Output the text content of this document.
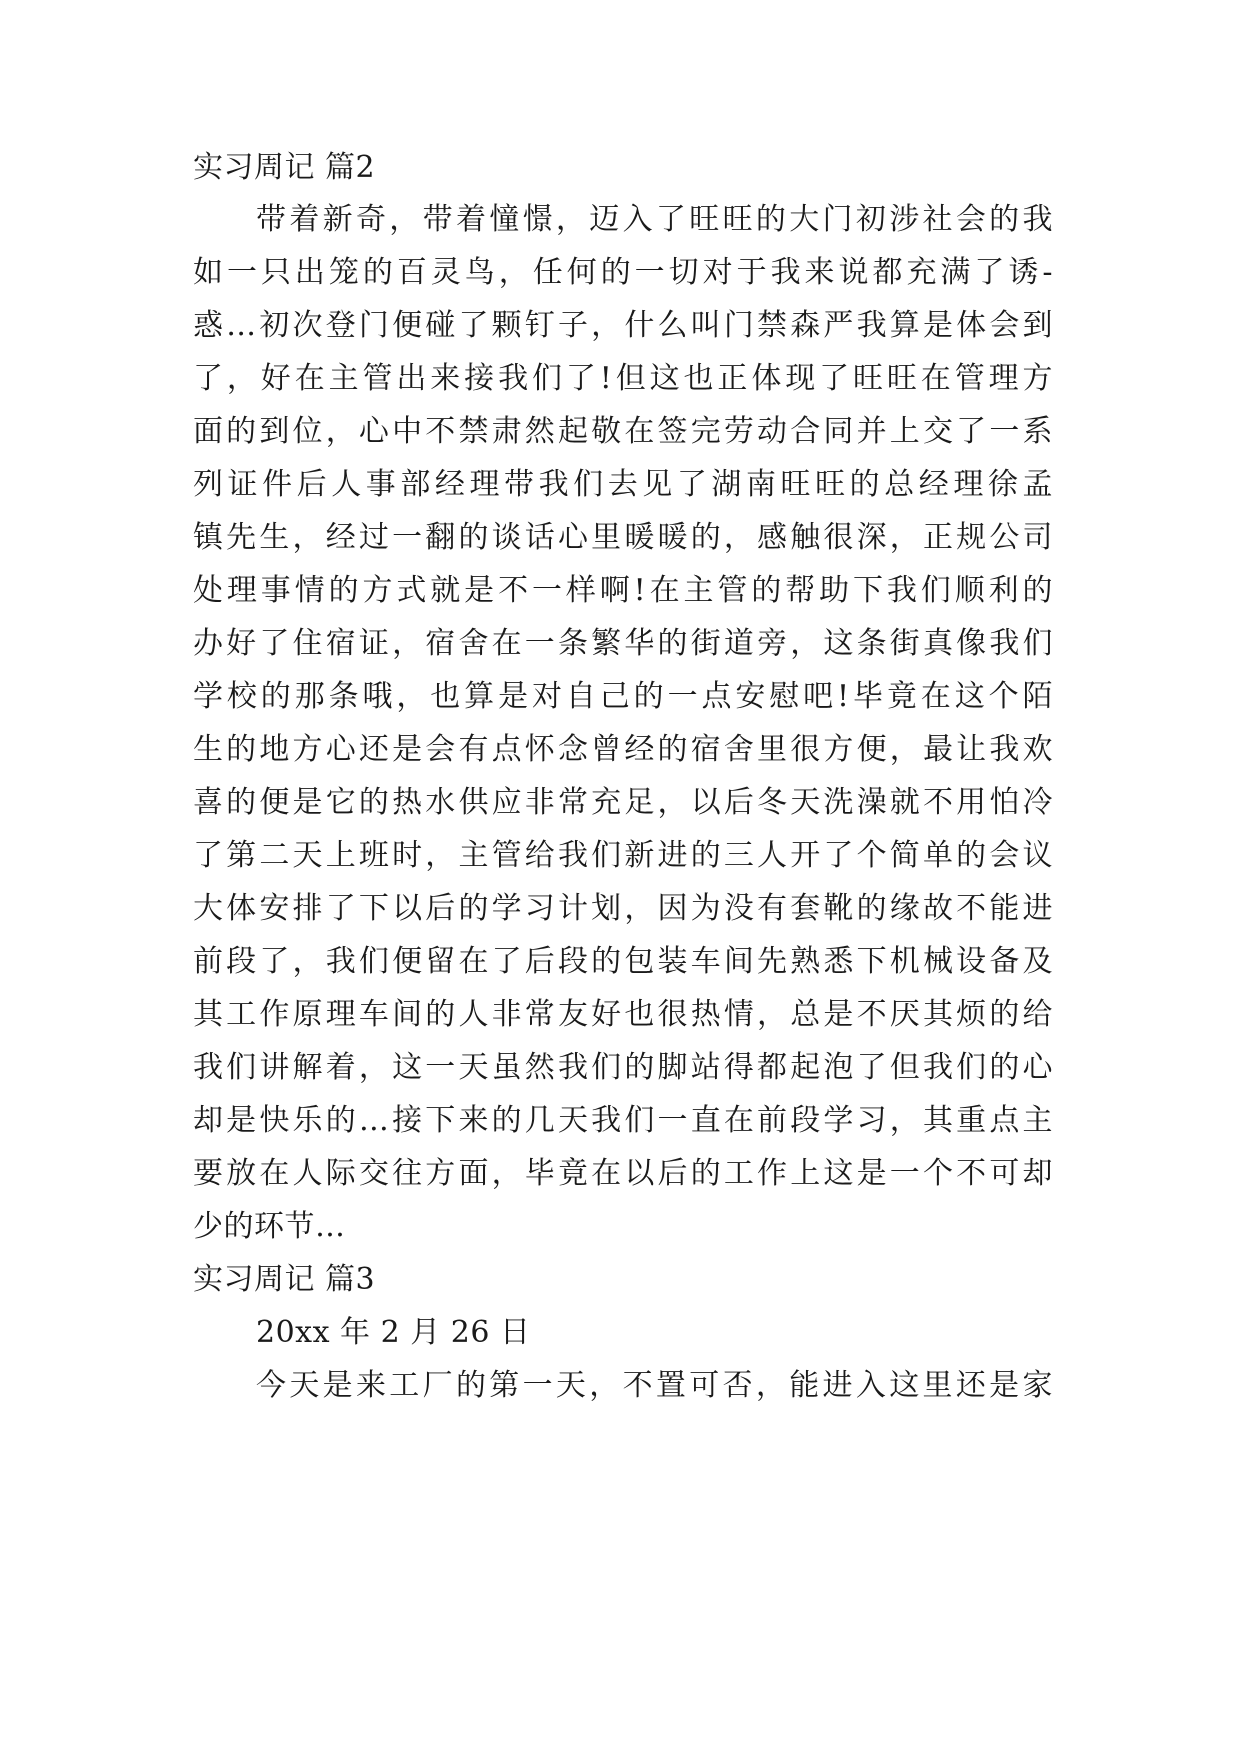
实习周记 篇2
带着新奇，带着憧憬，迈入了旺旺的大门初涉社会的我
如一只出笼的百灵鸟，任何的一切对于我来说都充满了诱-
惑…初次登门便碰了颗钉子，什么叫门禁森严我算是体会到
了，好在主管出来接我们了!但这也正体现了旺旺在管理方
面的到位，心中不禁肃然起敬在签完劳动合同并上交了一系
列证件后人事部经理带我们去见了湖南旺旺的总经理徐孟
镇先生，经过一翻的谈话心里暖暖的，感触很深，正规公司
处理事情的方式就是不一样啊!在主管的帮助下我们顺利的
办好了住宿证，宿舍在一条繁华的街道旁，这条街真像我们
学校的那条哦，也算是对自己的一点安慰吧!毕竟在这个陌
生的地方心还是会有点怀念曾经的宿舍里很方便，最让我欢
喜的便是它的热水供应非常充足，以后冬天洗澡就不用怕冷
了第二天上班时，主管给我们新进的三人开了个简单的会议
大体安排了下以后的学习计划，因为没有套靴的缘故不能进
前段了，我们便留在了后段的包装车间先熟悉下机械设备及
其工作原理车间的人非常友好也很热情，总是不厌其烦的给
我们讲解着，这一天虽然我们的脚站得都起泡了但我们的心
却是快乐的…接下来的几天我们一直在前段学习，其重点主
要放在人际交往方面，毕竟在以后的工作上这是一个不可却
少的环节…
实习周记 篇3
20xx 年 2 月 26 日
今天是来工厂的第一天，不置可否，能进入这里还是家
